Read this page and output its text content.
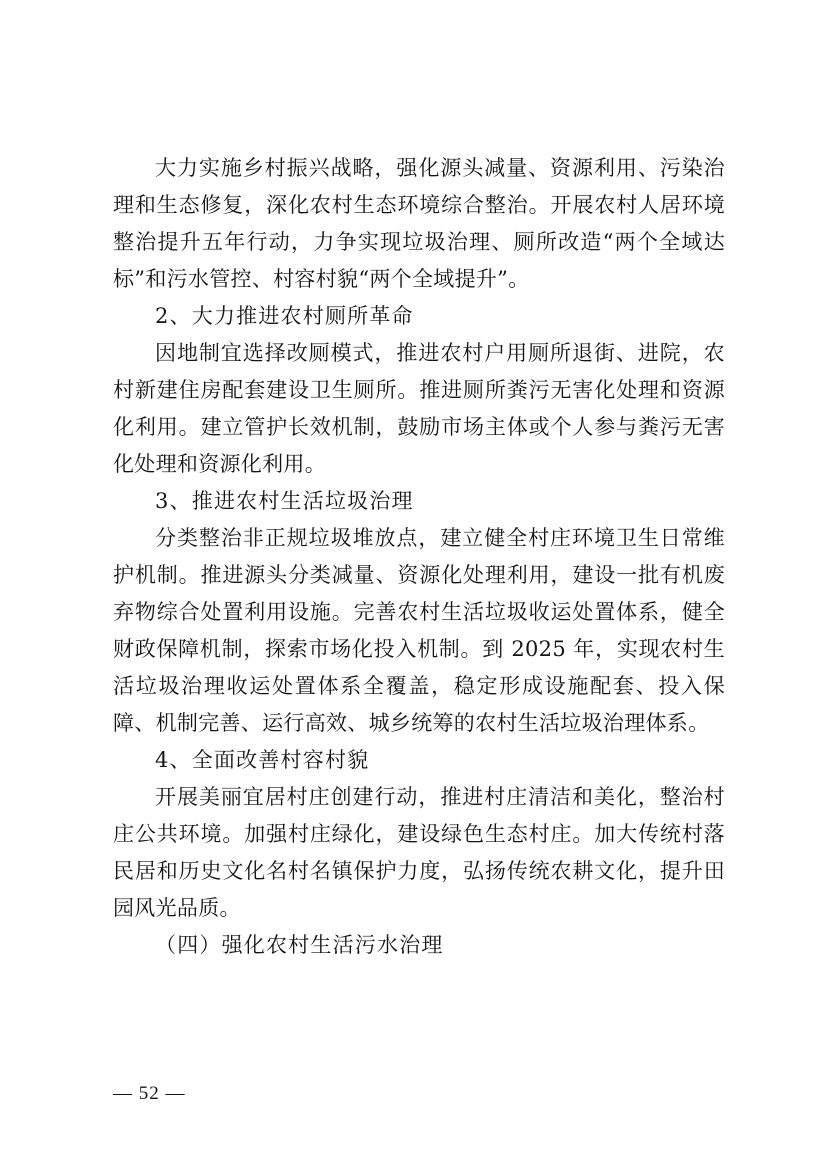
大力实施乡村振兴战略，强化源头减量、资源利用、污染治理和生态修复，深化农村生态环境综合整治。开展农村人居环境整治提升五年行动，力争实现垃圾治理、厕所改造“两个全域达标”和污水管控、村容村貌“两个全域提升”。

2、大力推进农村厕所革命

因地制宜选择改厕模式，推进农村户用厕所退街、进院，农村新建住房配套建设卫生厕所。推进厕所粪污无害化处理和资源化利用。建立管护长效机制，鼓励市场主体或个人参与粪污无害化处理和资源化利用。

3、推进农村生活垃圾治理

分类整治非正规垃圾堆放点，建立健全村庄环境卫生日常维护机制。推进源头分类减量、资源化处理利用，建设一批有机废弃物综合处置利用设施。完善农村生活垃圾收运处置体系，健全财政保障机制，探索市场化投入机制。到 2025 年，实现农村生活垃圾治理收运处置体系全覆盖，稳定形成设施配套、投入保障、机制完善、运行高效、城乡统筹的农村生活垃圾治理体系。

4、全面改善村容村貌

开展美丽宜居村庄创建行动，推进村庄清洁和美化，整治村庄公共环境。加强村庄绿化，建设绿色生态村庄。加大传统村落民居和历史文化名村名镇保护力度，弘扬传统农耕文化，提升田园风光品质。

（四）强化农村生活污水治理

— 52 —
